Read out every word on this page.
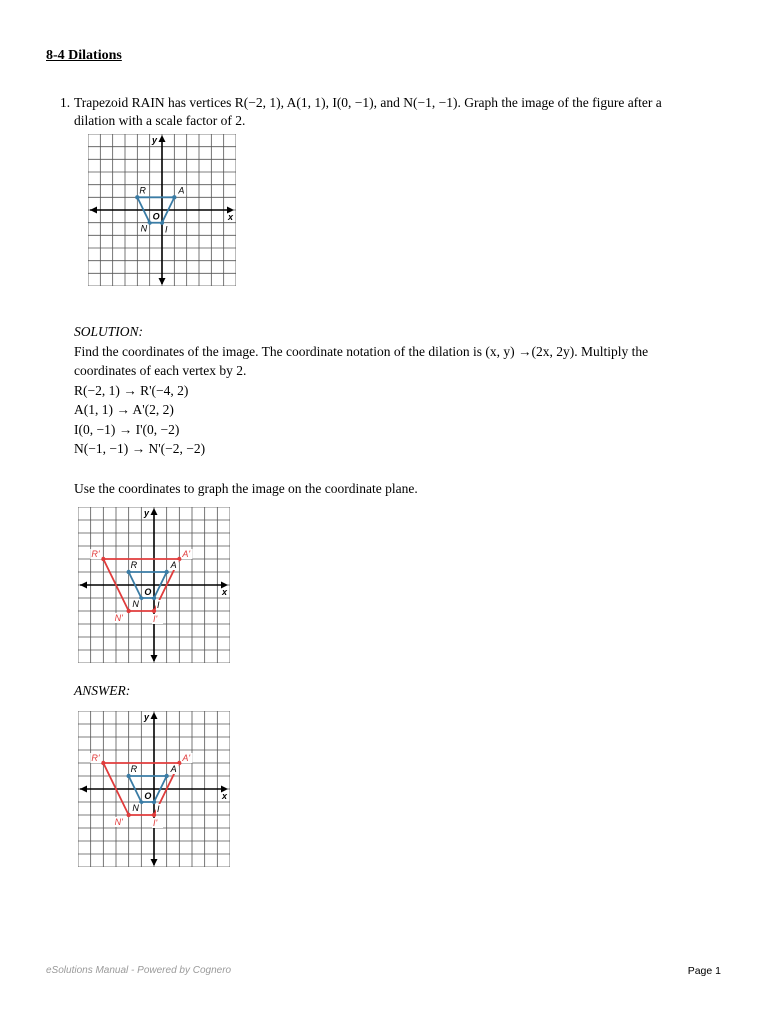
8-4 Dilations
1. Trapezoid RAIN has vertices R(−2, 1), A(1, 1), I(0, −1), and N(−1, −1). Graph the image of the figure after a
dilation with a scale factor of 2.
x
y
O
R	A
I
N
SOLUTION:
Find the coordinates of the image. The coordinate notation of the dilation is (x, y) →(2x, 2y). Multiply the
coordinates of each vertex by 2.
R(−2, 1) → R'(−4, 2)
A(1, 1) → A'(2, 2)
I(0, −1) → I'(0, −2)
N(−1, −1) → N'(−2, −2)
Use the coordinates to graph the image on the coordinate plane.
x
y
O
R	A
I
N
R'	A'
I'
N'
ANSWER:
x
y
O
R	A
I
N
R'	A'
I'
N'
eSolutions Manual - Powered by Cognero	Page 1
